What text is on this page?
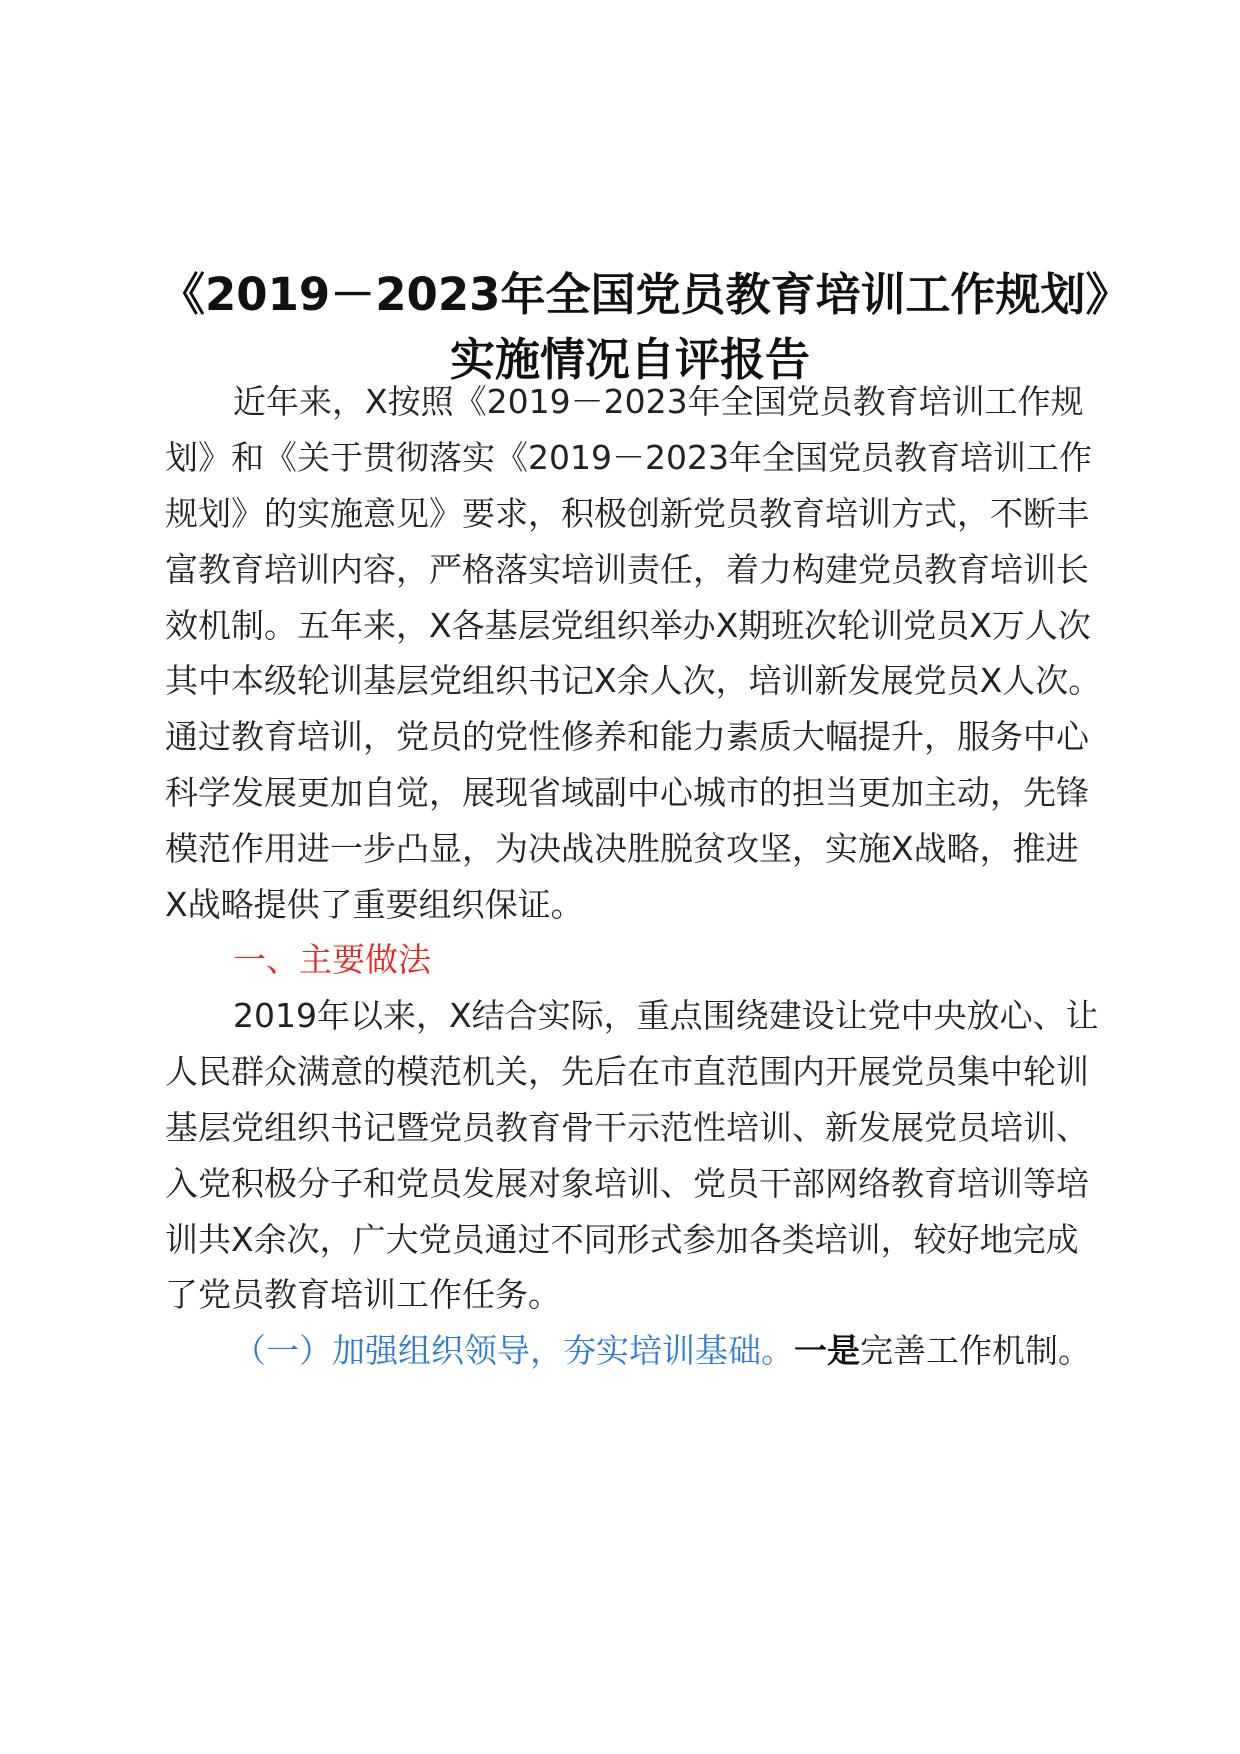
《2019－2023年全国党员教育培训工作规划》
实施情况自评报告
近年来，X按照《2019－2023年全国党员教育培训工作规
划》和《关于贯彻落实《2019－2023年全国党员教育培训工作
规划》的实施意见》要求，积极创新党员教育培训方式，不断丰
富教育培训内容，严格落实培训责任，着力构建党员教育培训长
效机制。五年来，X各基层党组织举办X期班次轮训党员X万人次
其中本级轮训基层党组织书记X余人次，培训新发展党员X人次。
通过教育培训，党员的党性修养和能力素质大幅提升，服务中心
科学发展更加自觉，展现省域副中心城市的担当更加主动，先锋
模范作用进一步凸显，为决战决胜脱贫攻坚，实施X战略，推进
X战略提供了重要组织保证。
一、主要做法
2019年以来，X结合实际，重点围绕建设让党中央放心、让
人民群众满意的模范机关，先后在市直范围内开展党员集中轮训
基层党组织书记暨党员教育骨干示范性培训、新发展党员培训、
入党积极分子和党员发展对象培训、党员干部网络教育培训等培
训共X余次，广大党员通过不同形式参加各类培训，较好地完成
了党员教育培训工作任务。
（一）加强组织领导，夯实培训基础。一是完善工作机制。
